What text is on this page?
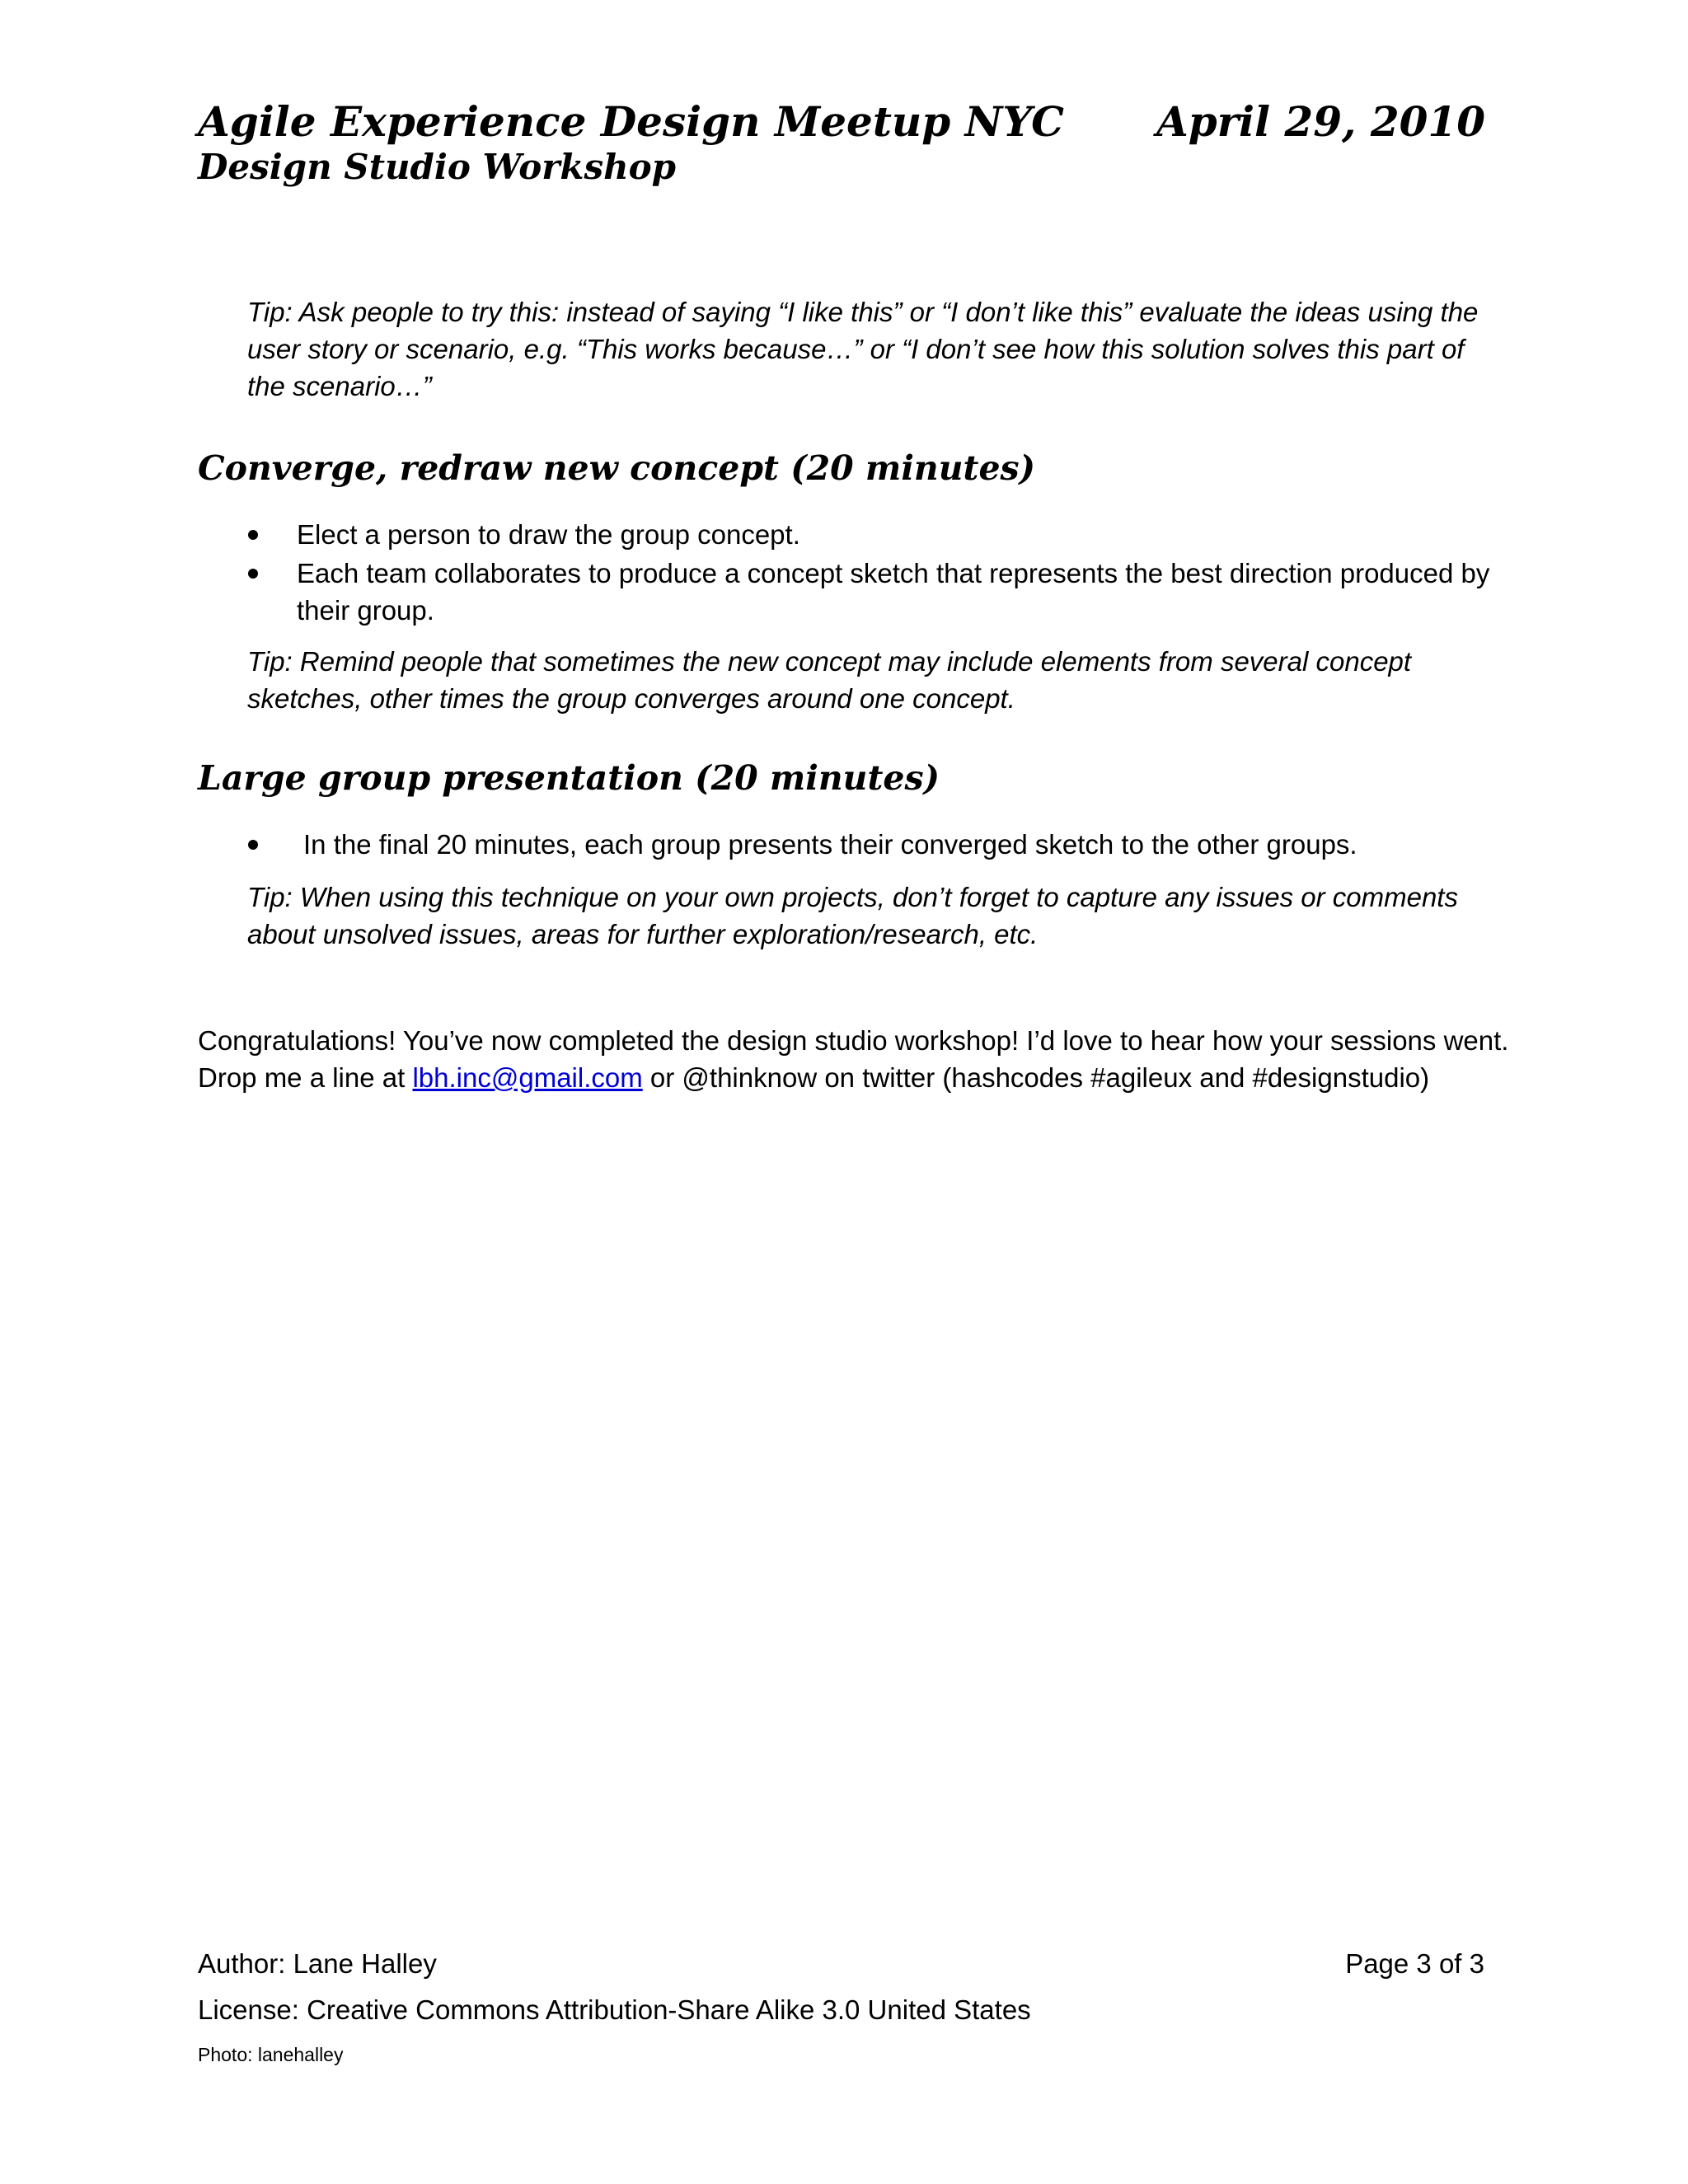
Agile Experience Design Meetup NYC April 29, 2010
Design Studio Workshop
Tip: Ask people to try this: instead of saying “I like this” or “I don’t like this” evaluate the ideas using the user story or scenario, e.g. “This works because…” or “I don’t see how this solution solves this part of the scenario…”
Converge, redraw new concept (20 minutes)
Elect a person to draw the group concept.
Each team collaborates to produce a concept sketch that represents the best direction produced by their group.
Tip: Remind people that sometimes the new concept may include elements from several concept sketches, other times the group converges around one concept.
Large group presentation (20 minutes)
In the final 20 minutes, each group presents their converged sketch to the other groups.
Tip: When using this technique on your own projects, don’t forget to capture any issues or comments about unsolved issues, areas for further exploration/research, etc.
Congratulations! You’ve now completed the design studio workshop! I’d love to hear how your sessions went. Drop me a line at lbh.inc@gmail.com or @thinknow on twitter (hashcodes #agileux and #designstudio)
Author: Lane Halley	Page 3 of 3
License: Creative Commons Attribution-Share Alike 3.0 United States
Photo: lanehalley
